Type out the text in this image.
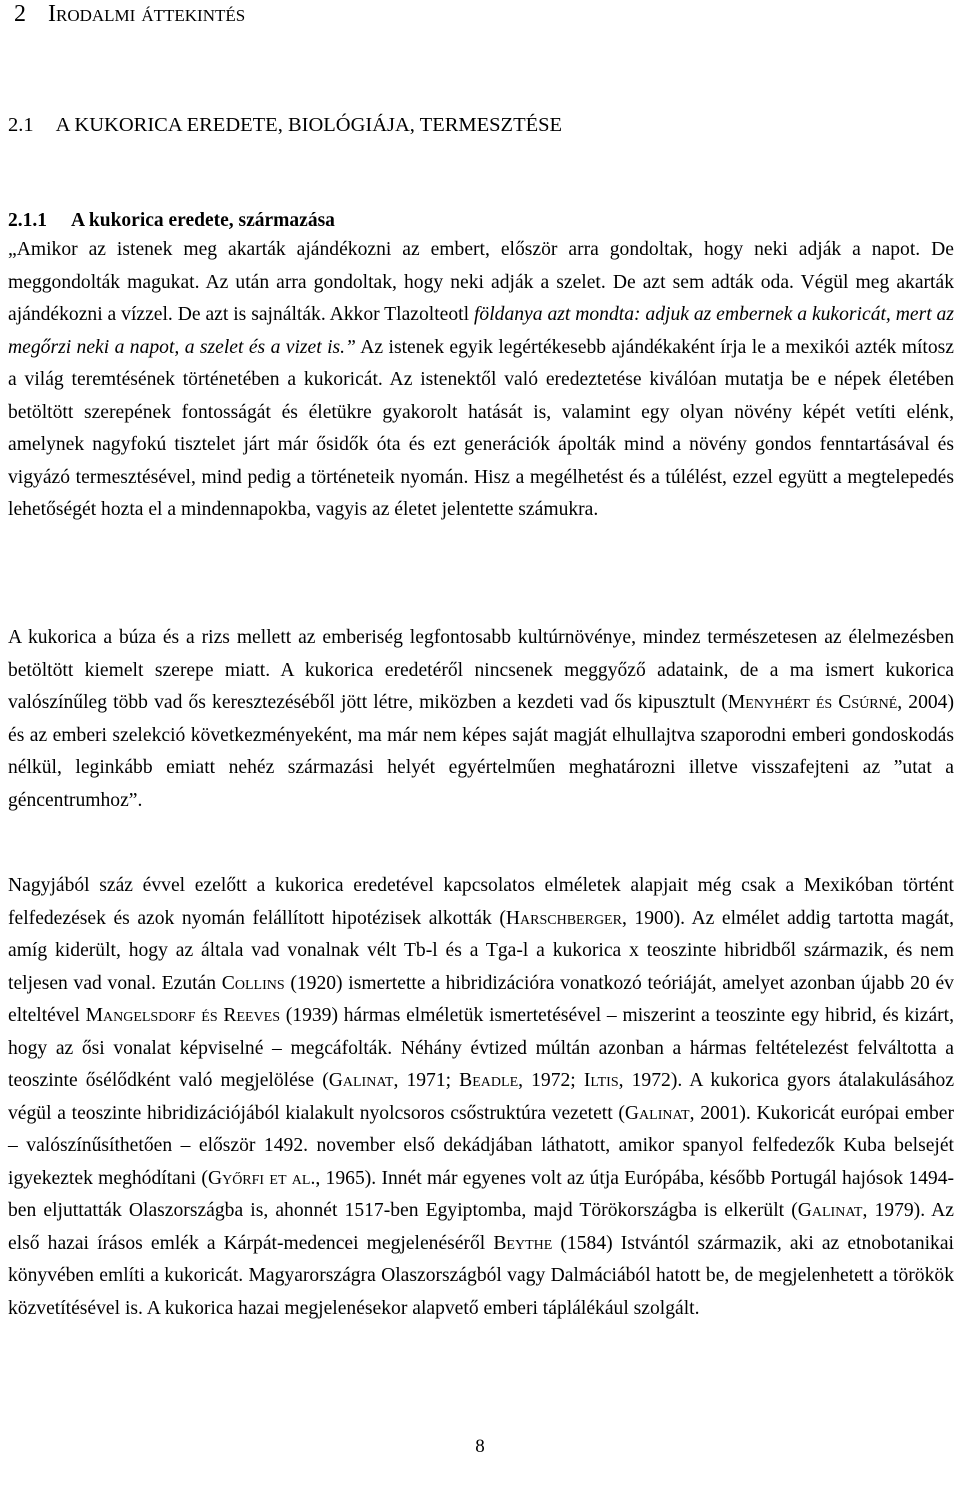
2 Irodalmi áttekintés
2.1 A KUKORICA EREDETE, BIOLÓGIÁJA, TERMESZTÉSE
2.1.1 A kukorica eredete, származása

„Amikor az istenek meg akarták ajándékozni az embert, először arra gondoltak, hogy neki adják a napot. De meggondolták magukat. Az után arra gondoltak, hogy neki adják a szelet. De azt sem adták oda. Végül meg akarták ajándékozni a vízzel. De azt is sajnálták. Akkor Tlazolteotl földanya azt mondta: adjuk az embernek a kukoricát, mert az megőrzi neki a napot, a szelet és a vizet is.” Az istenek egyik legértékesebb ajándékaként írja le a mexikói azték mítosz a világ teremtésének történetében a kukoricát. Az istenektől való eredeztetése kiválóan mutatja be e népek életében betöltött szerepének fontosságát és életükre gyakorolt hatását is, valamint egy olyan növény képét vetíti elénk, amelynek nagyfokú tisztelet járt már ősidők óta és ezt generációk ápolták mind a növény gondos fenntartásával és vigyázó termesztésével, mind pedig a történeteik nyomán. Hisz a megélhetést és a túlélést, ezzel együtt a megtelepedés lehetőségét hozta el a mindennapokba, vagyis az életet jelentette számukra.

A kukorica a búza és a rizs mellett az emberiség legfontosabb kultúrnövénye, mindez természetesen az élelmezésben betöltött kiemelt szerepe miatt. A kukorica eredetéről nincsenek meggyőző adataink, de a ma ismert kukorica valószínűleg több vad ős keresztezéséből jött létre, miközben a kezdeti vad ős kipusztult (Menyhért és Csúrné, 2004) és az emberi szelekció következményeként, ma már nem képes saját magját elhullajtva szaporodni emberi gondoskodás nélkül, leginkább emiatt nehéz származási helyét egyértelműen meghatározni illetve visszafejteni az ”utat a géncentrumhoz”.

Nagyjából száz évvel ezelőtt a kukorica eredetével kapcsolatos elméletek alapjait még csak a Mexikóban történt felfedezések és azok nyomán felállított hipotézisek alkották (Harschberger, 1900). Az elmélet addig tartotta magát, amíg kiderült, hogy az általa vad vonalnak vélt Tb-l és a Tga-l a kukorica x teoszinte hibridből származik, és nem teljesen vad vonal. Ezután Collins (1920) ismertette a hibridizációra vonatkozó teóriáját, amelyet azonban újabb 20 év elteltével Mangelsdorf és Reeves (1939) hármas elméletük ismertetésével – miszerint a teoszinte egy hibrid, és kizárt, hogy az ősi vonalat képviselné – megcáfolták. Néhány évtized múltán azonban a hármas feltételezést felváltotta a teoszinte ősélődként való megjelölése (Galinat, 1971; Beadle, 1972; Iltis, 1972). A kukorica gyors átalakulásához végül a teoszinte hibridizációjából kialakult nyolcsoros csőstruktúra vezetett (Galinat, 2001). Kukoricát európai ember – valószínűsíthetően – először 1492. november első dekádjában láthatott, amikor spanyol felfedezők Kuba belsejét igyekeztek meghódítani (Győrfi et al., 1965). Innét már egyenes volt az útja Európába, később Portugál hajósok 1494-ben eljuttatták Olaszországba is, ahonnét 1517-ben Egyiptomba, majd Törökországba is elkerült (Galinat, 1979). Az első hazai írásos emlék a Kárpát-medencei megjelenéséről Beythe (1584) Istvántól származik, aki az etnobotanikai könyvében említi a kukoricát. Magyarországra Olaszországból vagy Dalmáciából hatott be, de megjelenhetett a törökök közvetítésével is. A kukorica hazai megjelenésekor alapvető emberi táplálékául szolgált.

8
